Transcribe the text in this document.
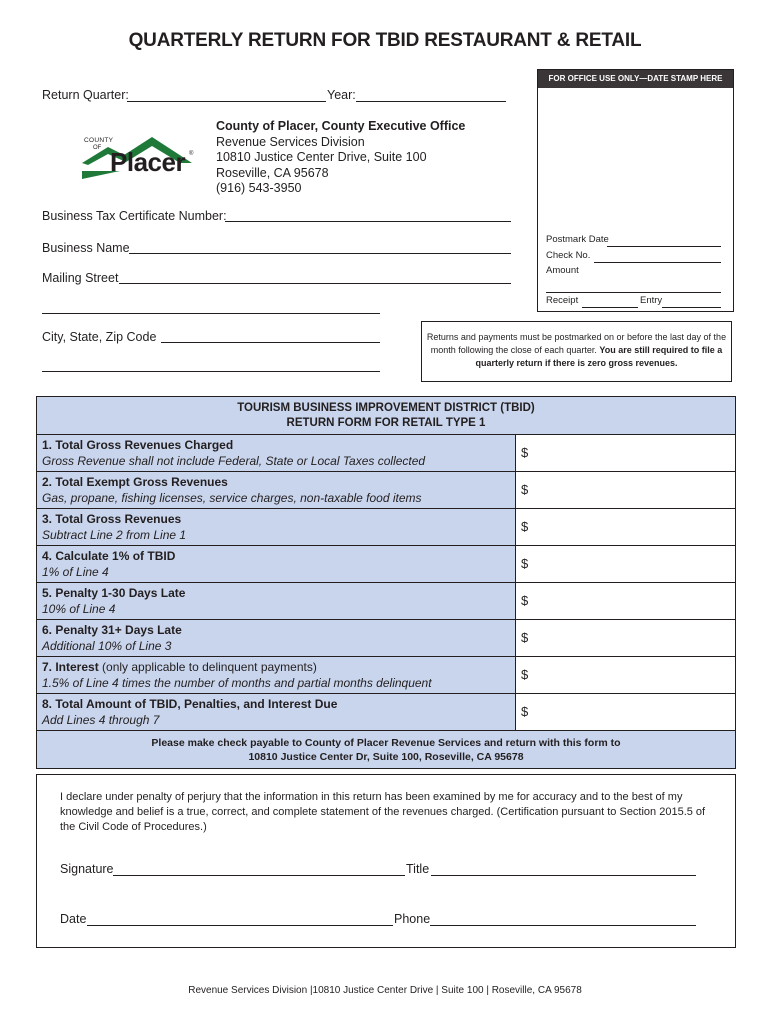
QUARTERLY RETURN FOR TBID RESTAURANT & RETAIL
Return Quarter:	Year:
COUNTY
OF Placer ®
County of Placer, County Executive Office
Revenue Services Division
10810 Justice Center Drive, Suite 100
Roseville, CA 95678
(916) 543-3950
Business Tax Certificate Number:
Business Name
Mailing Street
City, State, Zip Code
FOR OFFICE USE ONLY—DATE STAMP HERE
Postmark Date
Check No.
Amount
Receipt	Entry
Returns and payments must be postmarked on or before the last day of the month following the close of each quarter. You are still required to file a quarterly return if there is zero gross revenues.
TOURISM BUSINESS IMPROVEMENT DISTRICT (TBID)
RETURN FORM FOR RETAIL TYPE 1
1. Total Gross Revenues Charged
Gross Revenue shall not include Federal, State or Local Taxes collected
$
2. Total Exempt Gross Revenues
Gas, propane, fishing licenses, service charges, non-taxable food items
$
3. Total Gross Revenues
Subtract Line 2 from Line 1
$
4. Calculate 1% of TBID
1% of Line 4
$
5. Penalty 1-30 Days Late
10% of Line 4
$
6. Penalty 31+ Days Late
Additional 10% of Line 3
$
7. Interest (only applicable to delinquent payments)
1.5% of Line 4 times the number of months and partial months delinquent
$
8. Total Amount of TBID, Penalties, and Interest Due
Add Lines 4 through 7
$
Please make check payable to County of Placer Revenue Services and return with this form to
10810 Justice Center Dr, Suite 100, Roseville, CA 95678

I declare under penalty of perjury that the information in this return has been examined by me for accuracy and to the best of my knowledge and belief is a true, correct, and complete statement of the revenues charged. (Certification pursuant to Section 2015.5 of the Civil Code of Procedures.)

Signature	Title
Date	Phone
Revenue Services Division |10810 Justice Center Drive | Suite 100 | Roseville, CA 95678
